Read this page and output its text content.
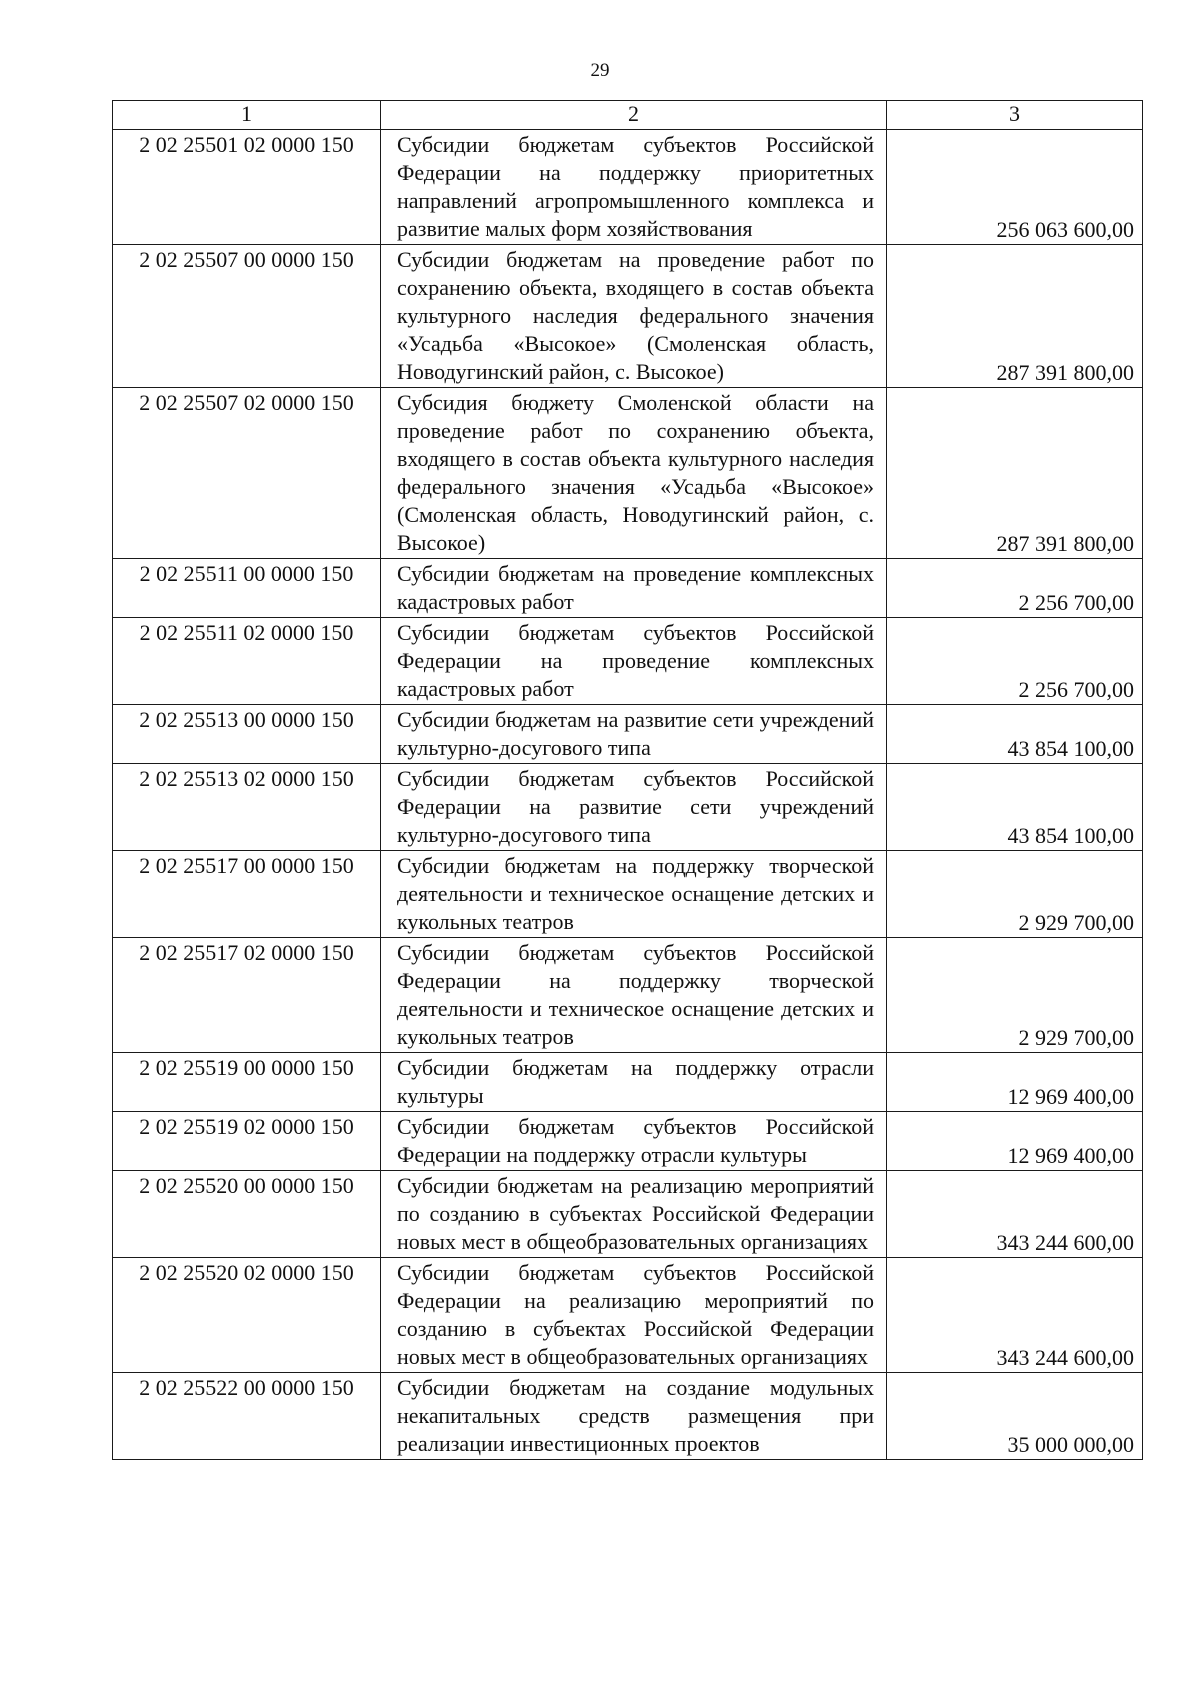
29
1	2	3
2 02 25501 02 0000 150	Субсидии бюджетам субъектов Российской Федерации на поддержку приоритетных направлений агропромышленного комплекса и развитие малых форм хозяйствования	256 063 600,00
2 02 25507 00 0000 150	Субсидии бюджетам на проведение работ по сохранению объекта, входящего в состав объекта культурного наследия федерального значения «Усадьба «Высокое» (Смоленская область, Новодугинский район, с. Высокое)	287 391 800,00
2 02 25507 02 0000 150	Субсидия бюджету Смоленской области на проведение работ по сохранению объекта, входящего в состав объекта культурного наследия федерального значения «Усадьба «Высокое» (Смоленская область, Новодугинский район, с. Высокое)	287 391 800,00
2 02 25511 00 0000 150	Субсидии бюджетам на проведение комплексных кадастровых работ	2 256 700,00
2 02 25511 02 0000 150	Субсидии бюджетам субъектов Российской Федерации на проведение комплексных кадастровых работ	2 256 700,00
2 02 25513 00 0000 150	Субсидии бюджетам на развитие сети учреждений культурно-досугового типа	43 854 100,00
2 02 25513 02 0000 150	Субсидии бюджетам субъектов Российской Федерации на развитие сети учреждений культурно-досугового типа	43 854 100,00
2 02 25517 00 0000 150	Субсидии бюджетам на поддержку творческой деятельности и техническое оснащение детских и кукольных театров	2 929 700,00
2 02 25517 02 0000 150	Субсидии бюджетам субъектов Российской Федерации на поддержку творческой деятельности и техническое оснащение детских и кукольных театров	2 929 700,00
2 02 25519 00 0000 150	Субсидии бюджетам на поддержку отрасли культуры	12 969 400,00
2 02 25519 02 0000 150	Субсидии бюджетам субъектов Российской Федерации на поддержку отрасли культуры	12 969 400,00
2 02 25520 00 0000 150	Субсидии бюджетам на реализацию мероприятий по созданию в субъектах Российской Федерации новых мест в общеобразовательных организациях	343 244 600,00
2 02 25520 02 0000 150	Субсидии бюджетам субъектов Российской Федерации на реализацию мероприятий по созданию в субъектах Российской Федерации новых мест в общеобразовательных организациях	343 244 600,00
2 02 25522 00 0000 150	Субсидии бюджетам на создание модульных некапитальных средств размещения при реализации инвестиционных проектов	35 000 000,00
